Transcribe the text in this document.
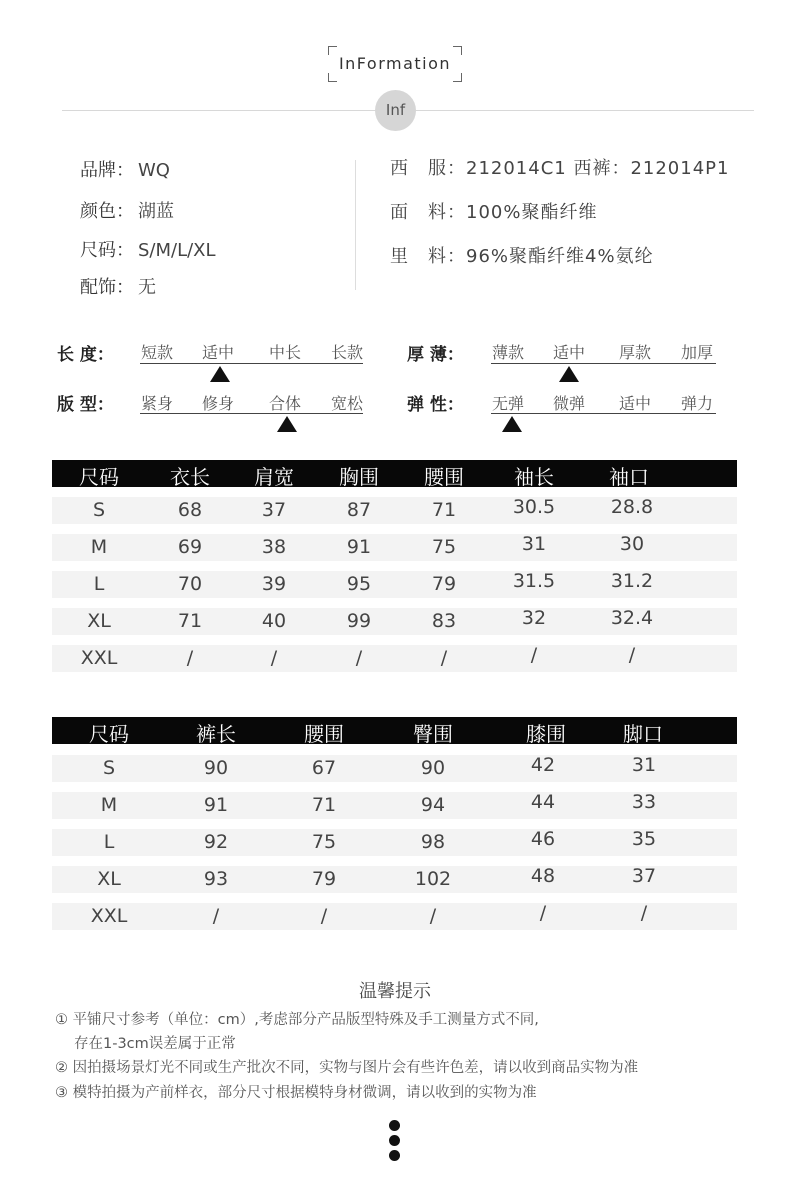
InFormation
Inf
品牌： WQ
颜色： 湖蓝
尺码： S/M/L/XL
配饰： 无
西　服：212014C1 西裤：212014P1
面　料：100%聚酯纤维
里　料：96%聚酯纤维4%氨纶
长 度： 短款 适中 中长 长款	厚 薄： 薄款 适中 厚款 加厚
版 型： 紧身 修身 合体 宽松	弹 性： 无弹 微弹 适中 弹力
尺码	衣长 肩宽 胸围 腰围	袖长	袖口
S	68	37	87	71	30.5	28.8
M	69	38	91	75	31	30
L	70	39	95	79	31.5	31.2
XL	71	40	99	83	32	32.4
XXL	/	/	/	/	/	/
尺码	裤长	腰围	臀围	膝围	脚口
S	90	67	90	42	31
M	91	71	94	44	33
L	92	75	98	46	35
XL	93	79	102	48	37
XXL	/	/	/	/	/
温馨提示
① 平铺尺寸参考（单位：cm）,考虑部分产品版型特殊及手工测量方式不同,
存在1-3cm误差属于正常
② 因拍摄场景灯光不同或生产批次不同，实物与图片会有些许色差，请以收到商品实物为准
③ 模特拍摄为产前样衣，部分尺寸根据模特身材微调，请以收到的实物为准
